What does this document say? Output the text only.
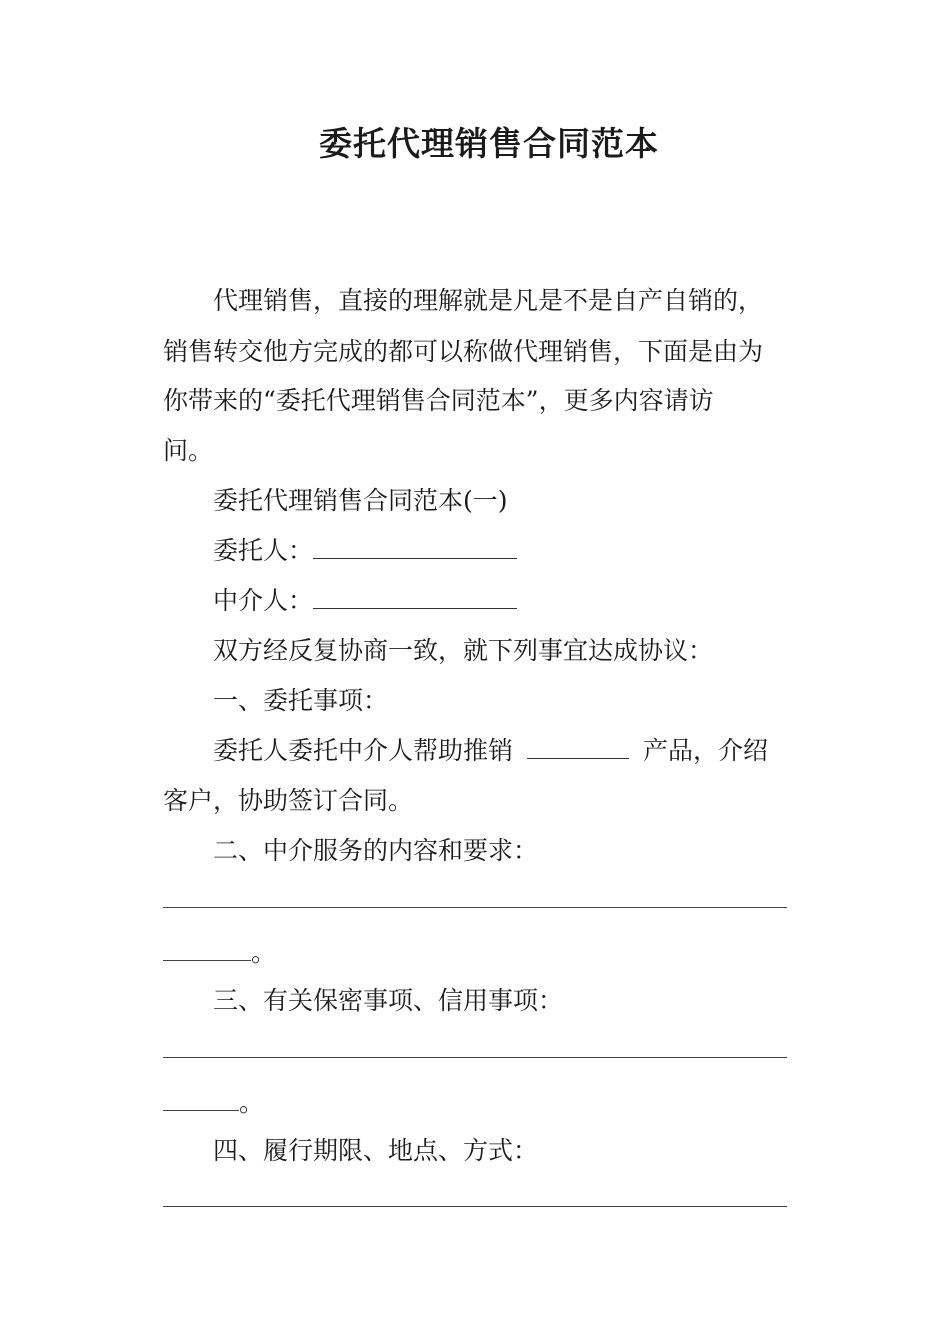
委托代理销售合同范本
代理销售，直接的理解就是凡是不是自产自销的，
销售转交他方完成的都可以称做代理销售，下面是由为
你带来的“委托代理销售合同范本”，更多内容请访
问。
委托代理销售合同范本(一)
委托人：
中介人：
双方经反复协商一致，就下列事宜达成协议：
一、委托事项：
委托人委托中介人帮助推销	产品，介绍
客户，协助签订合同。
二、中介服务的内容和要求：
。
三、有关保密事项、信用事项：
。
四、履行期限、地点、方式：
